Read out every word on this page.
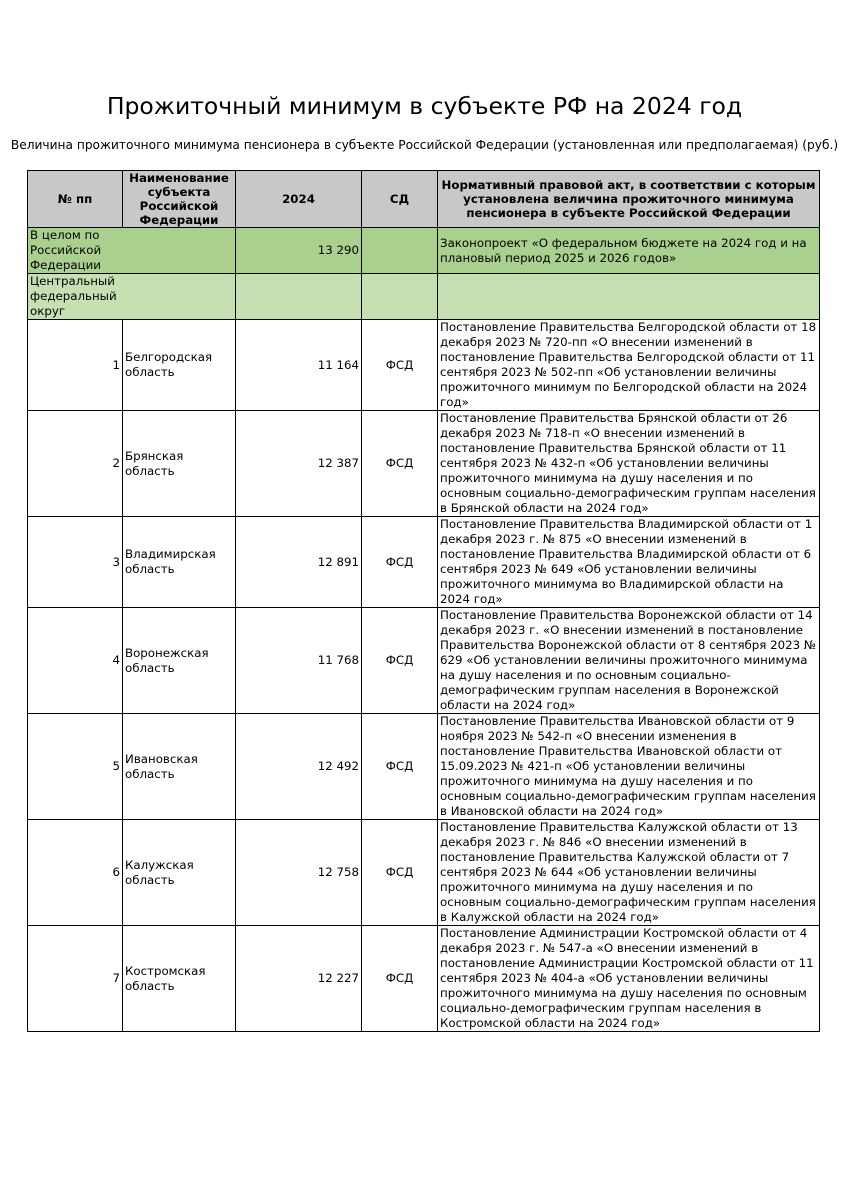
Прожиточный минимум в субъекте РФ на 2024 год
Величина прожиточного минимума пенсионера в субъекте Российской Федерации (установленная или предполагаемая) (руб.)
№ пп	Наименование субъекта Российской Федерации	2024	СД	Нормативный правовой акт, в соответствии с которым установлена величина прожиточного минимума пенсионера в субъекте Российской Федерации

В целом по Российской Федерации		13 290		Законопроект «О федеральном бюджете на 2024 год и на плановый период 2025 и 2026 годов»

Центральный федеральный округ				

1	Белгородская область	11 164	ФСД	Постановление Правительства Белгородской области от 18 декабря 2023 № 720-пп «О внесении изменений в постановление Правительства Белгородской области от 11 сентября 2023 № 502-пп «Об установлении величины прожиточного минимум по Белгородской области на 2024 год»
2	Брянская область	12 387	ФСД	Постановление Правительства Брянской области от 26 декабря 2023 № 718-п «О внесении изменений в постановление Правительства Брянской области от 11 сентября 2023 № 432-п «Об установлении величины прожиточного минимума на душу населения и по основным социально-демографическим группам населения в Брянской области на 2024 год»
3	Владимирская область	12 891	ФСД	Постановление Правительства Владимирской области от 1 декабря 2023 г. № 875 «О внесении изменений в постановление Правительства Владимирской области от 6 сентября 2023 № 649 «Об установлении величины прожиточного минимума во Владимирской области на 2024 год»
4	Воронежская область	11 768	ФСД	Постановление Правительства Воронежской области от 14 декабря 2023 г. «О внесении изменений в постановление Правительства Воронежской области от 8 сентября 2023 № 629 «Об установлении величины прожиточного минимума на душу населения и по основным социально-демографическим группам населения в Воронежской области на 2024 год»
5	Ивановская область	12 492	ФСД	Постановление Правительства Ивановской области от 9 ноября 2023 № 542-п «О внесении изменения в постановление Правительства Ивановской области от 15.09.2023 № 421-п «Об установлении величины прожиточного минимума на душу населения и по основным социально-демографическим группам населения в Ивановской области на 2024 год»
6	Калужская область	12 758	ФСД	Постановление Правительства Калужской области от 13 декабря 2023 г. № 846 «О внесении изменений в постановление Правительства Калужской области от 7 сентября 2023 № 644 «Об установлении величины прожиточного минимума на душу населения и по основным социально-демографическим группам населения в Калужской области на 2024 год»
7	Костромская область	12 227	ФСД	Постановление Администрации Костромской области от 4 декабря 2023 г. № 547-а «О внесении изменений в постановление Администрации Костромской области от 11 сентября 2023 № 404-а «Об установлении величины прожиточного минимума на душу населения по основным социально-демографическим группам населения в Костромской области на 2024 год»
